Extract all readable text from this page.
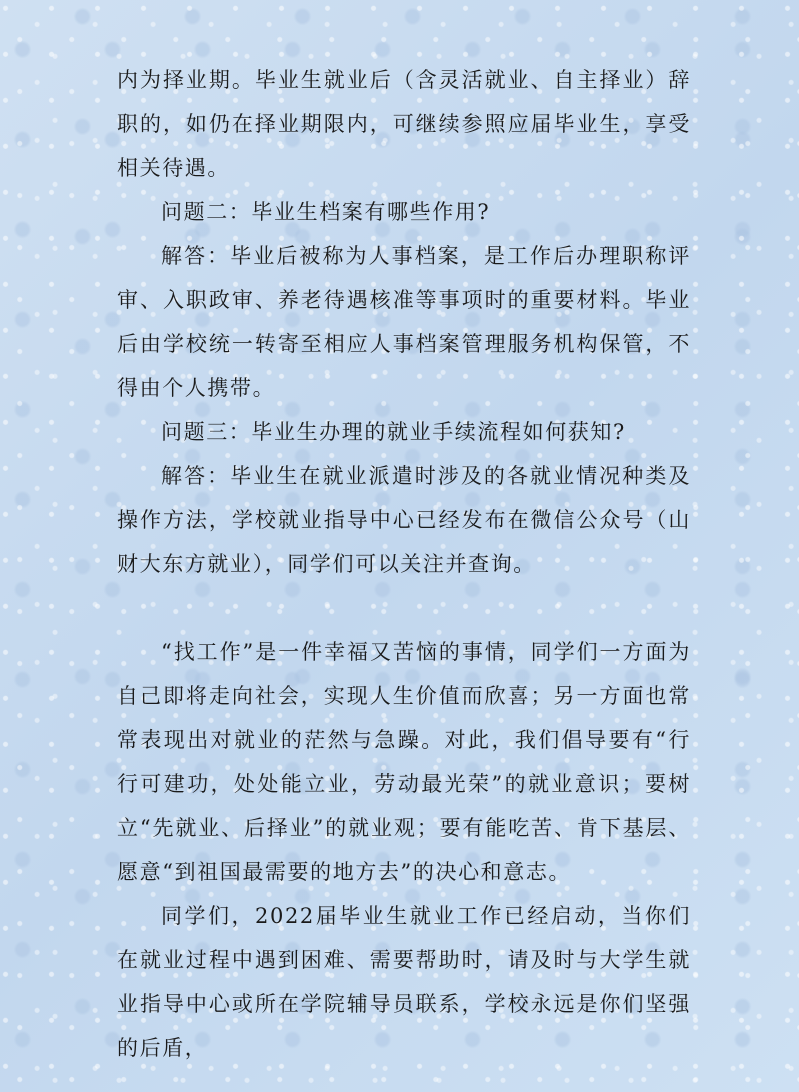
内为择业期。毕业生就业后（含灵活就业、自主择业）辞职的，如仍在择业期限内，可继续参照应届毕业生，享受相关待遇。

问题二：毕业生档案有哪些作用?

解答：毕业后被称为人事档案，是工作后办理职称评审、入职政审、养老待遇核准等事项时的重要材料。毕业后由学校统一转寄至相应人事档案管理服务机构保管，不得由个人携带。

问题三：毕业生办理的就业手续流程如何获知?

解答：毕业生在就业派遣时涉及的各就业情况种类及操作方法，学校就业指导中心已经发布在微信公众号（山财大东方就业），同学们可以关注并查询。

“找工作”是一件幸福又苦恼的事情，同学们一方面为自己即将走向社会，实现人生价值而欣喜；另一方面也常常表现出对就业的茫然与急躁。对此，我们倡导要有“行行可建功，处处能立业，劳动最光荣”的就业意识；要树立“先就业、后择业”的就业观；要有能吃苦、肯下基层、愿意“到祖国最需要的地方去”的决心和意志。

同学们，2022届毕业生就业工作已经启动，当你们在就业过程中遇到困难、需要帮助时，请及时与大学生就业指导中心或所在学院辅导员联系，学校永远是你们坚强的后盾，
